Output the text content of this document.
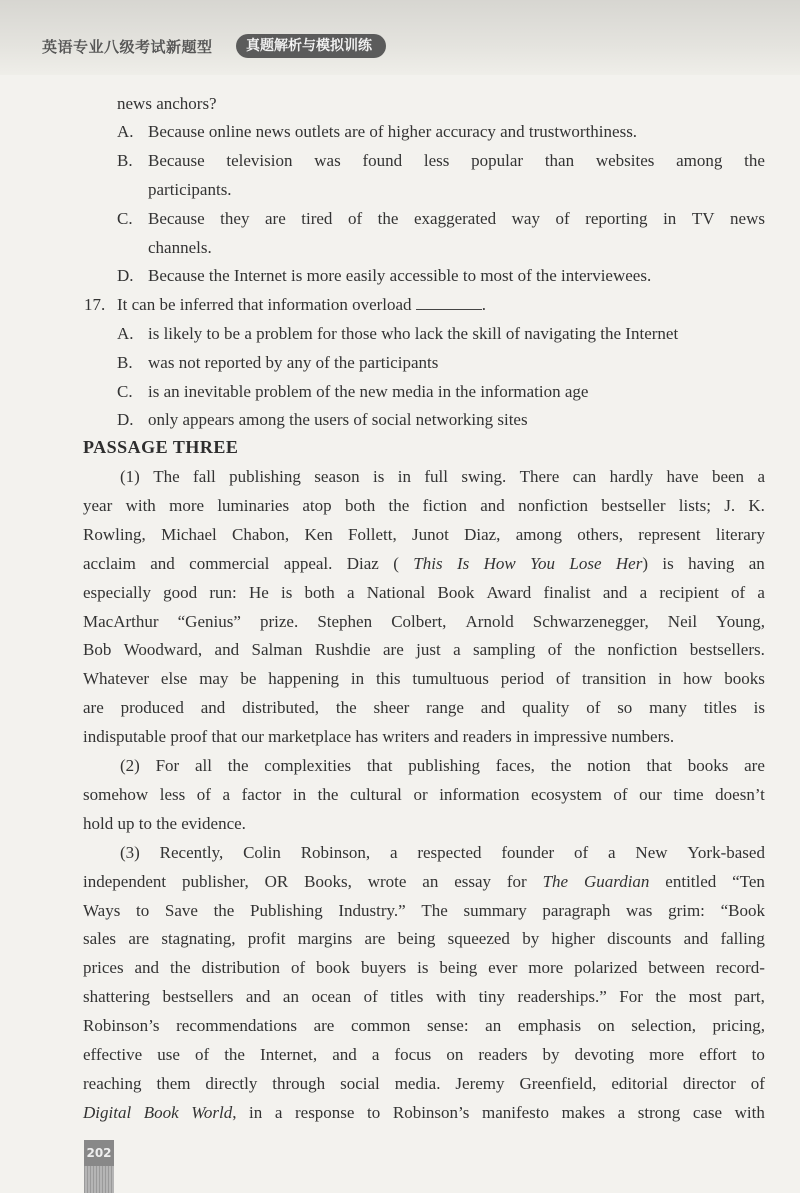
英语专业八级考试新题型	真题解析与模拟训练
news anchors?
A. Because online news outlets are of higher accuracy and trustworthiness.
B. Because television was found less popular than websites among the
participants.
C. Because they are tired of the exaggerated way of reporting in TV news
channels.
D. Because the Internet is more easily accessible to most of the interviewees.
17. It can be inferred that information overload	.
A. is likely to be a problem for those who lack the skill of navigating the Internet
B. was not reported by any of the participants
C. is an inevitable problem of the new media in the information age
D. only appears among the users of social networking sites
PASSAGE THREE
(1) The fall publishing season is in full swing. There can hardly have been a
year with more luminaries atop both the fiction and nonfiction bestseller lists; J. K.
Rowling, Michael Chabon, Ken Follett, Junot Diaz, among others, represent literary
acclaim and commercial appeal. Diaz ( This Is How You Lose Her) is having an
especially good run: He is both a National Book Award finalist and a recipient of a
MacArthur “Genius” prize. Stephen Colbert, Arnold Schwarzenegger, Neil Young,
Bob Woodward, and Salman Rushdie are just a sampling of the nonfiction bestsellers.
Whatever else may be happening in this tumultuous period of transition in how books
are produced and distributed, the sheer range and quality of so many titles is
indisputable proof that our marketplace has writers and readers in impressive numbers.
(2) For all the complexities that publishing faces, the notion that books are
somehow less of a factor in the cultural or information ecosystem of our time doesn’t
hold up to the evidence.
(3) Recently, Colin Robinson, a respected founder of a New York-based
independent publisher, OR Books, wrote an essay for The Guardian entitled “Ten
Ways to Save the Publishing Industry.” The summary paragraph was grim: “Book
sales are stagnating, profit margins are being squeezed by higher discounts and falling
prices and the distribution of book buyers is being ever more polarized between record-
shattering bestsellers and an ocean of titles with tiny readerships.” For the most part,
Robinson’s recommendations are common sense: an emphasis on selection, pricing,
effective use of the Internet, and a focus on readers by devoting more effort to
reaching them directly through social media. Jeremy Greenfield, editorial director of
Digital Book World, in a response to Robinson’s manifesto makes a strong case with
202
